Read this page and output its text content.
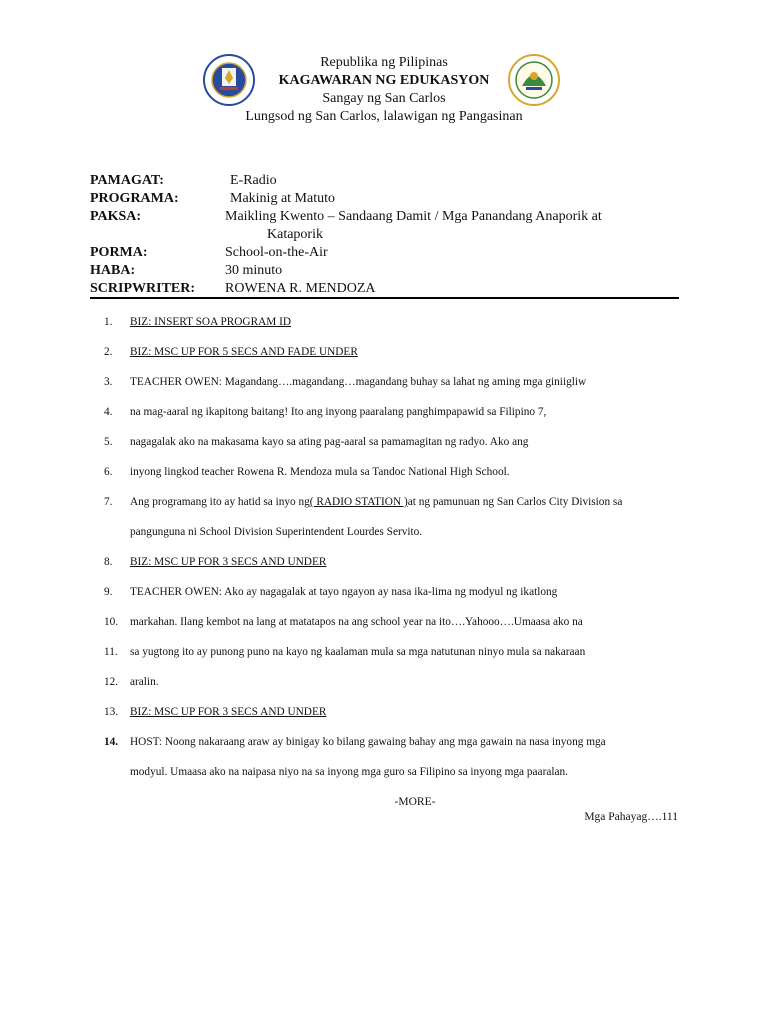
Republika ng Pilipinas
KAGAWARAN NG EDUKASYON
Sangay ng San Carlos
Lungsod ng San Carlos, lalawigan ng Pangasinan
PAMAGAT:	E-Radio
PROGRAMA:	Makinig at Matuto
PAKSA:	Maikling Kwento – Sandaang Damit / Mga Panandang Anaporik at
Kataporik
PORMA:	School-on-the-Air
HABA:	30 minuto
SCRIPWRITER:	ROWENA R. MENDOZA
1. BIZ: INSERT SOA PROGRAM ID
2. BIZ: MSC UP FOR 5 SECS AND FADE UNDER
3. TEACHER OWEN: Magandang….magandang…magandang buhay sa lahat ng aming mga giniigliw
4. na mag-aaral ng ikapitong baitang! Ito ang inyong paaralang panghimpapawid sa Filipino 7,
5. nagagalak ako na makasama kayo sa ating pag-aaral sa pamamagitan ng radyo. Ako ang
6. inyong lingkod teacher Rowena R. Mendoza mula sa Tandoc National High School.
7. Ang programang ito ay hatid sa inyo ng( RADIO STATION )at ng pamunuan ng San Carlos City Division sa
pangunguna ni School Division Superintendent Lourdes Servito.
8. BIZ: MSC UP FOR 3 SECS AND UNDER
9. TEACHER OWEN: Ako ay nagagalak at tayo ngayon ay nasa ika-lima ng modyul ng ikatlong
10. markahan. Ilang kembot na lang at matatapos na ang school year na ito….Yahooo….Umaasa ako na
11. sa yugtong ito ay punong puno na kayo ng kaalaman mula sa mga natutunan ninyo mula sa nakaraan
12. aralin.
13. BIZ: MSC UP FOR 3 SECS AND UNDER
14. HOST: Noong nakaraang araw ay binigay ko bilang gawaing bahay ang mga gawain na nasa inyong mga
modyul. Umaasa ako na naipasa niyo na sa inyong mga guro sa Filipino sa inyong mga paaralan.
-MORE-
Mga Pahayag….111
